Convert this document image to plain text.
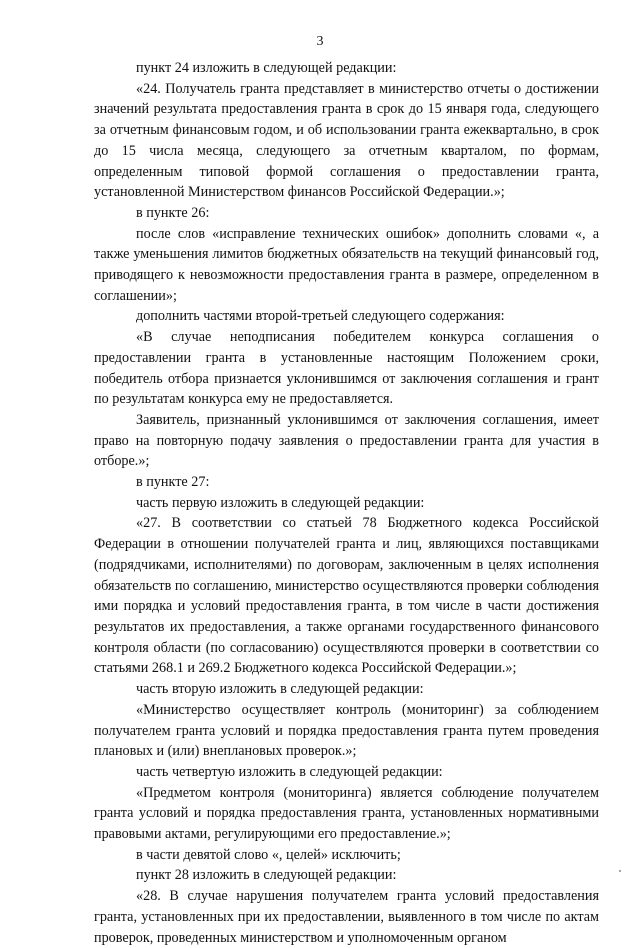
3

пункт 24 изложить в следующей редакции:

«24. Получатель гранта представляет в министерство отчеты о достижении значений результата предоставления гранта в срок до 15 января года, следующего за отчетным финансовым годом, и об использовании гранта ежеквартально, в срок до 15 числа месяца, следующего за отчетным кварталом, по формам, определенным типовой формой соглашения о предоставлении гранта, установленной Министерством финансов Российской Федерации.»;

в пункте 26:

после слов «исправление технических ошибок» дополнить словами «, а также уменьшения лимитов бюджетных обязательств на текущий финансовый год, приводящего к невозможности предоставления гранта в размере, определенном в соглашении»;

дополнить частями второй-третьей следующего содержания:

«В случае неподписания победителем конкурса соглашения о предоставлении гранта в установленные настоящим Положением сроки, победитель отбора признается уклонившимся от заключения соглашения и грант по результатам конкурса ему не предоставляется.

Заявитель, признанный уклонившимся от заключения соглашения, имеет право на повторную подачу заявления о предоставлении гранта для участия в отборе.»;

в пункте 27:

часть первую изложить в следующей редакции:

«27. В соответствии со статьей 78 Бюджетного кодекса Российской Федерации в отношении получателей гранта и лиц, являющихся поставщиками (подрядчиками, исполнителями) по договорам, заключенным в целях исполнения обязательств по соглашению, министерство осуществляются проверки соблюдения ими порядка и условий предоставления гранта, в том числе в части достижения результатов их предоставления, а также органами государственного финансового контроля области (по согласованию) осуществляются проверки в соответствии со статьями 268.1 и 269.2 Бюджетного кодекса Российской Федерации.»;

часть вторую изложить в следующей редакции:

«Министерство осуществляет контроль (мониторинг) за соблюдением получателем гранта условий и порядка предоставления гранта путем проведения плановых и (или) внеплановых проверок.»;

часть четвертую изложить в следующей редакции:

«Предметом контроля (мониторинга) является соблюдение получателем гранта условий и порядка предоставления гранта, установленных нормативными правовыми актами, регулирующими его предоставление.»;

в части девятой слово «, целей» исключить;

пункт 28 изложить в следующей редакции:

«28. В случае нарушения получателем гранта условий предоставления гранта, установленных при их предоставлении, выявленного в том числе по актам проверок, проведенных министерством и уполномоченным органом
